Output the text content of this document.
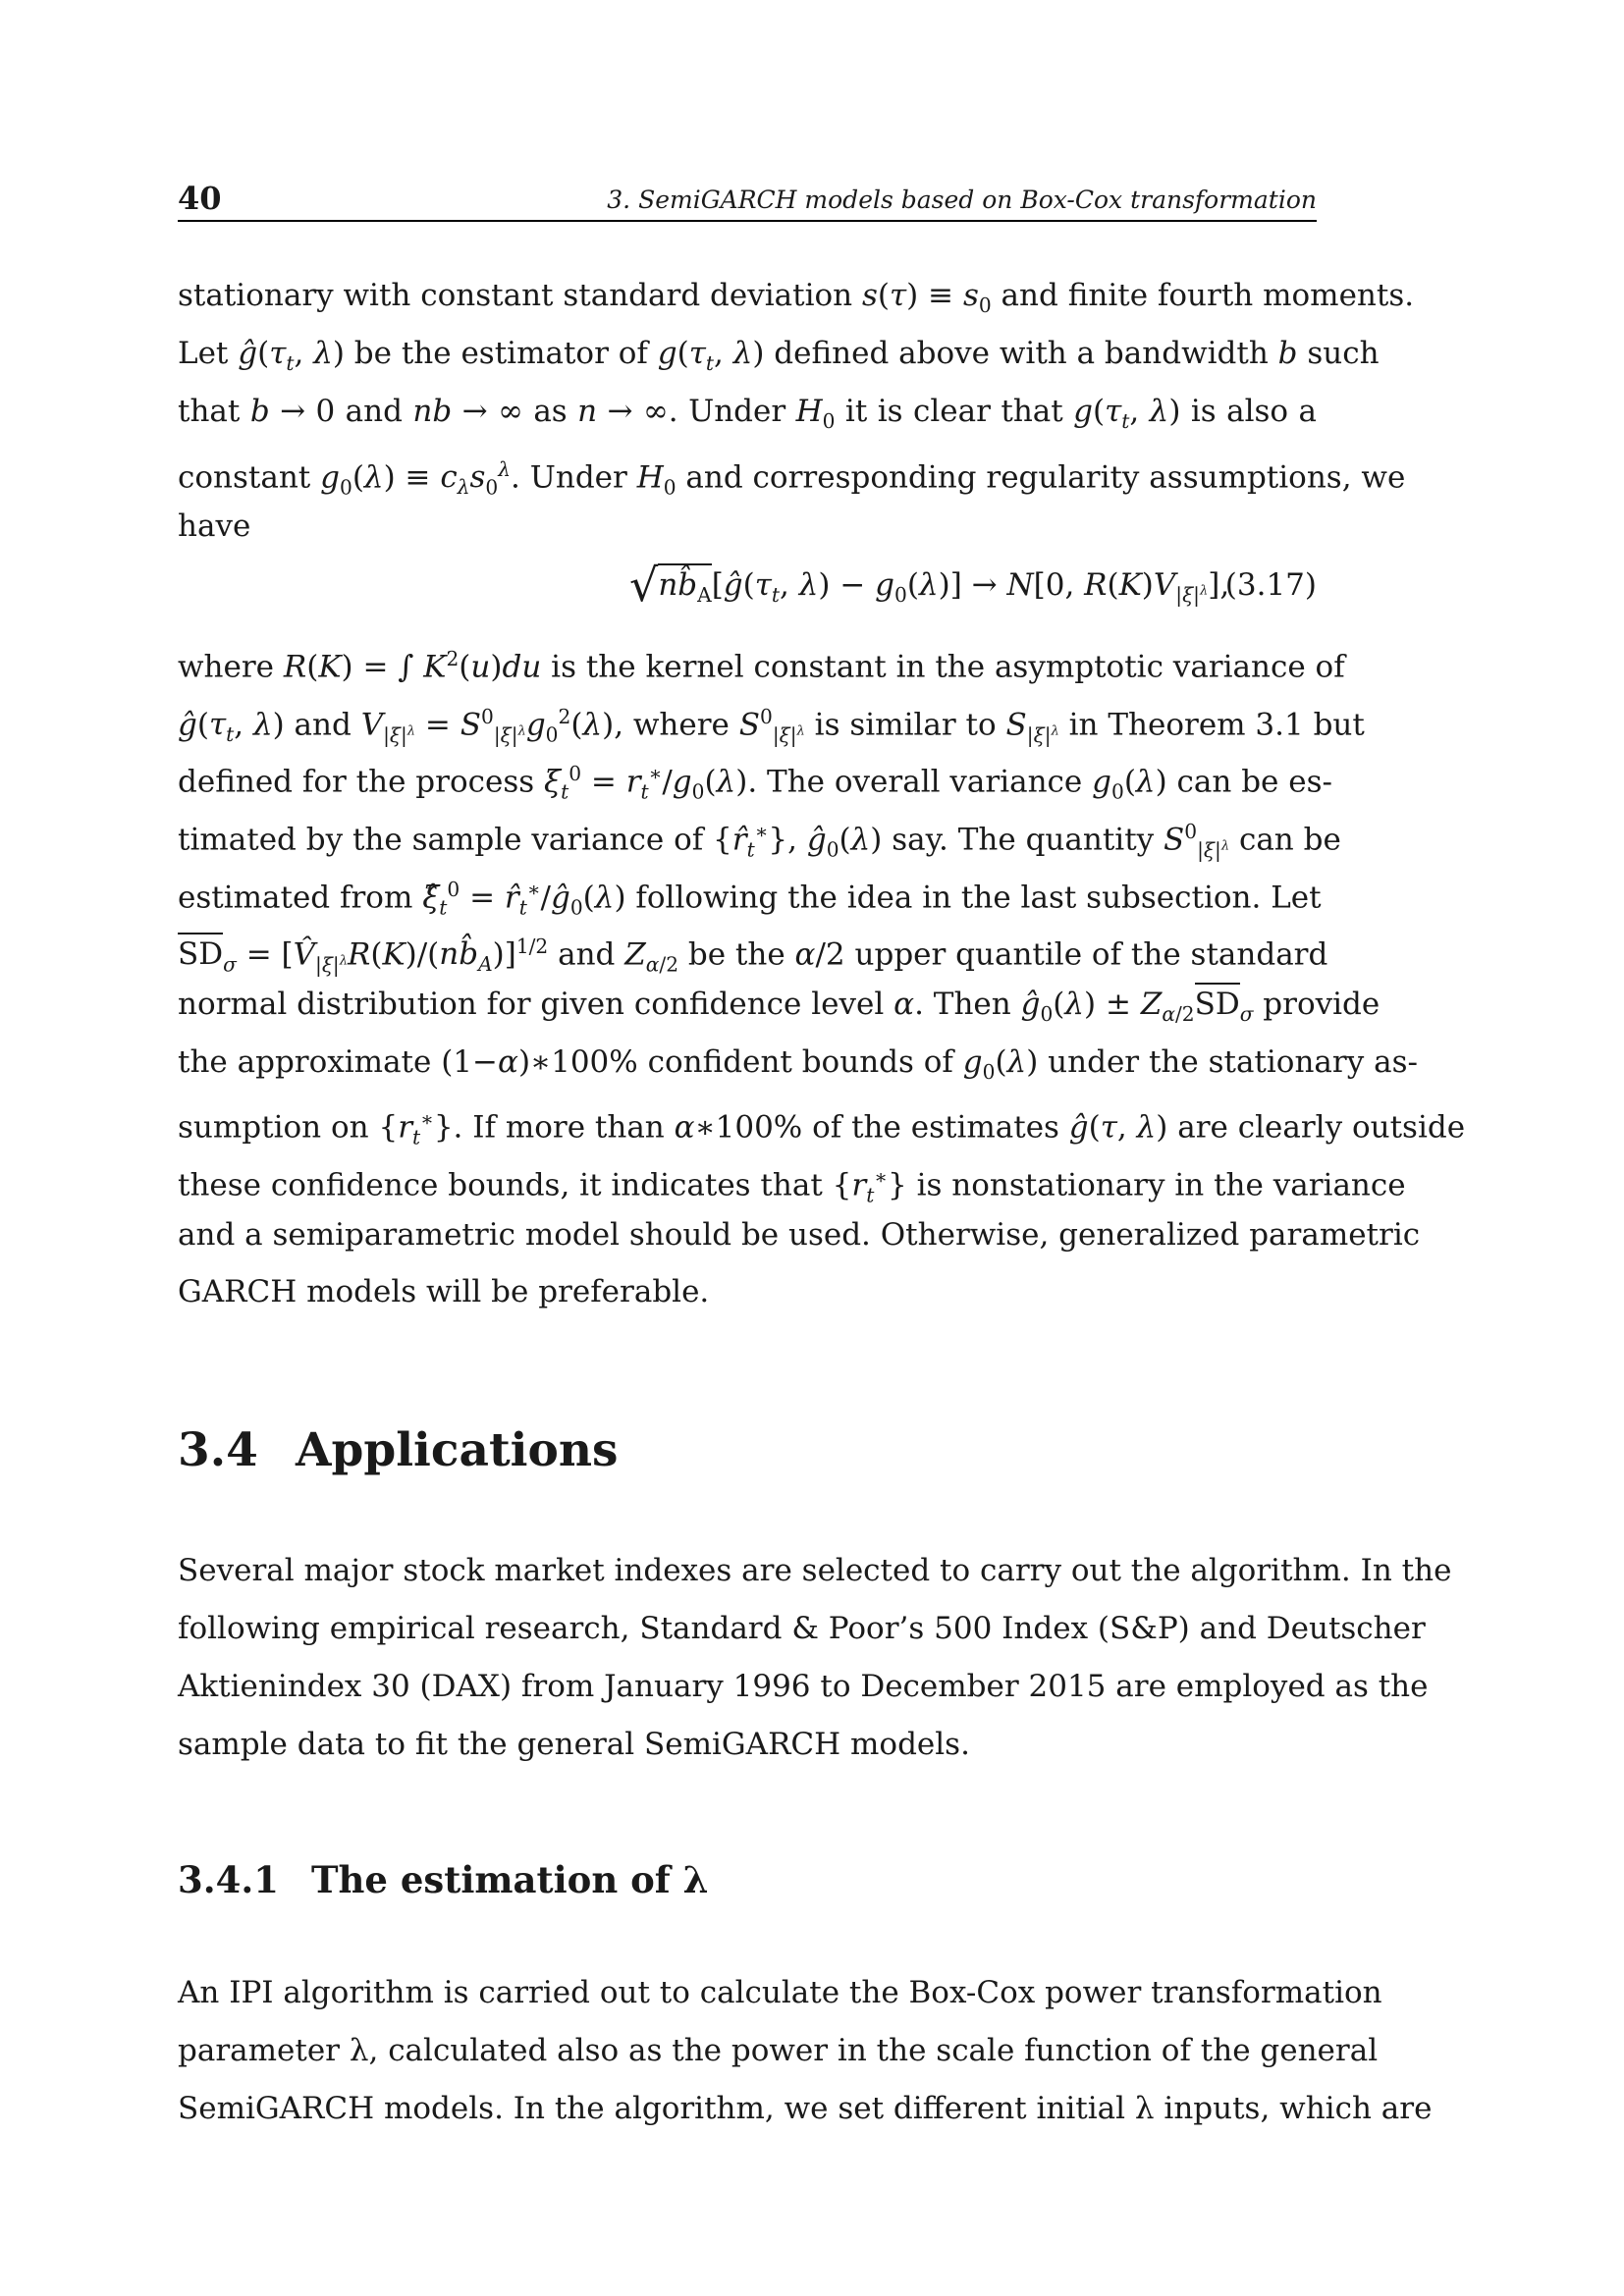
40	3. SemiGARCH models based on Box-Cox transformation
stationary with constant standard deviation $s(\tau) \equiv s_0$ and finite fourth moments.
Let $ĝ(\tau_t$, λ) be the estimator of $g(\tau_t$, λ) defined above with a bandwidth b such
that b → 0 and nb → ∞ as n → ∞. Under $H_0$ it is clear that $g(\tau_t$, λ) is also a
constant $g_0(\lambda) \equiv c_\lambda s_0^\lambda$. Under $H_0$ and corresponding regularity assumptions, we
have
$√nb̂_A[ĝ(\tau_t$, $\lambda) - g_0(\lambda)] \to N[0$, $R(K)V_{|\xi|^\lambda}$],
(3.17)
where R(K) = ∫ $K^2(u)du$ is the kernel constant in the asymptotic variance of
$ĝ(\tau_t$, λ) and $V_{|\xi|^\lambda} = S^0_{|\xi|^\lambda}g_0^2(\lambda)$, where $S^0_{|\xi|^\lambda}$ is similar to $S_{|\xi|^\lambda}$ in Theorem 3.1 but
defined for the process $\xi_t^0 = r_t^∗/g_0(\lambda)$. The overall variance $g_0(\lambda)$ can be es-
timated by the sample variance of $\{r̂_t^∗\}$, $ĝ_0(\lambda)$ say. The quantity $S^0_{|\xi|^\lambda}$ can be
estimated from $\xî_t^0$ = $r̂_t^∗/ĝ_0(\lambda)$ following the idea in the last subsection. Let
$SD_\sigma$ = $[V̂_{|\xi|^\lambda}R(K)/(nb̂_A)]^{1/2}$ and $Z_{\alpha/2}$ be the α/2 upper quantile of the standard
normal distribution for given confidence level α. Then $ĝ_0(\lambda) \pm Z_{\alpha/2}SD_\sigma$ provide
the approximate (1−α)∗100% confident bounds of $g_0(\lambda)$ under the stationary as-
sumption on $\{r_t^∗\}$. If more than α∗100% of the estimates ĝ(τ, λ) are clearly outside
these confidence bounds, it indicates that $\{r_t^∗\}$ is nonstationary in the variance
and a semiparametric model should be used. Otherwise, generalized parametric
GARCH models will be preferable.
3.4 Applications
Several major stock market indexes are selected to carry out the algorithm. In the
following empirical research, Standard & Poor’s 500 Index (S&P) and Deutscher
Aktienindex 30 (DAX) from January 1996 to December 2015 are employed as the
sample data to fit the general SemiGARCH models.
3.4.1 The estimation of λ
An IPI algorithm is carried out to calculate the Box-Cox power transformation
parameter λ, calculated also as the power in the scale function of the general
SemiGARCH models. In the algorithm, we set different initial λ inputs, which are
